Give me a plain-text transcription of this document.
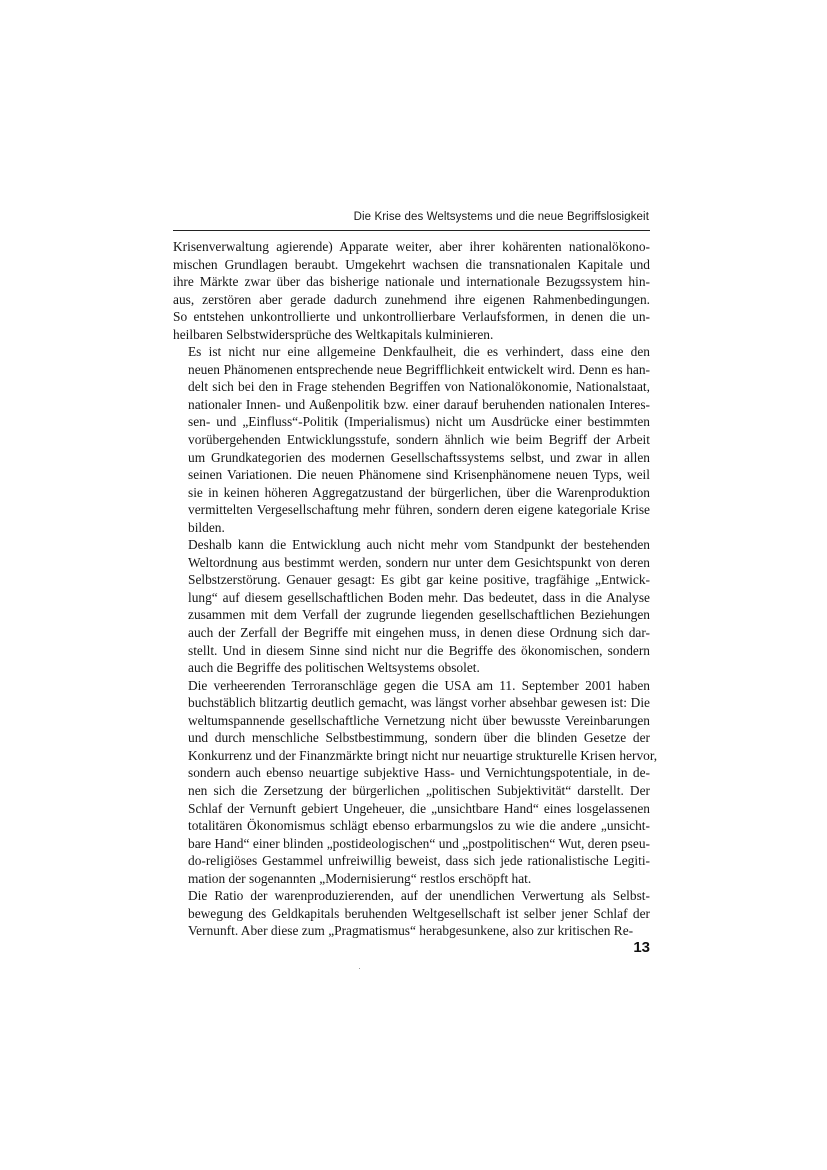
Die Krise des Weltsystems und die neue Begriffslosigkeit

Krisenverwaltung agierende) Apparate weiter, aber ihrer kohärenten nationalökono-
mischen Grundlagen beraubt. Umgekehrt wachsen die transnationalen Kapitale und
ihre Märkte zwar über das bisherige nationale und internationale Bezugssystem hin-
aus, zerstören aber gerade dadurch zunehmend ihre eigenen Rahmenbedingungen.
So entstehen unkontrollierte und unkontrollierbare Verlaufsformen, in denen die un-
heilbaren Selbstwidersprüche des Weltkapitals kulminieren.

Es ist nicht nur eine allgemeine Denkfaulheit, die es verhindert, dass eine den
neuen Phänomenen entsprechende neue Begrifflichkeit entwickelt wird. Denn es han-
delt sich bei den in Frage stehenden Begriffen von Nationalökonomie, Nationalstaat,
nationaler Innen- und Außenpolitik bzw. einer darauf beruhenden nationalen Interes-
sen- und „Einfluss“-Politik (Imperialismus) nicht um Ausdrücke einer bestimmten
vorübergehenden Entwicklungsstufe, sondern ähnlich wie beim Begriff der Arbeit
um Grundkategorien des modernen Gesellschaftssystems selbst, und zwar in allen
seinen Variationen. Die neuen Phänomene sind Krisenphänomene neuen Typs, weil
sie in keinen höheren Aggregatzustand der bürgerlichen, über die Warenproduktion
vermittelten Vergesellschaftung mehr führen, sondern deren eigene kategoriale Krise
bilden.

Deshalb kann die Entwicklung auch nicht mehr vom Standpunkt der bestehenden
Weltordnung aus bestimmt werden, sondern nur unter dem Gesichtspunkt von deren
Selbstzerstörung. Genauer gesagt: Es gibt gar keine positive, tragfähige „Entwick-
lung“ auf diesem gesellschaftlichen Boden mehr. Das bedeutet, dass in die Analyse
zusammen mit dem Verfall der zugrunde liegenden gesellschaftlichen Beziehungen
auch der Zerfall der Begriffe mit eingehen muss, in denen diese Ordnung sich dar-
stellt. Und in diesem Sinne sind nicht nur die Begriffe des ökonomischen, sondern
auch die Begriffe des politischen Weltsystems obsolet.

Die verheerenden Terroranschläge gegen die USA am 11. September 2001 haben
buchstäblich blitzartig deutlich gemacht, was längst vorher absehbar gewesen ist: Die
weltumspannende gesellschaftliche Vernetzung nicht über bewusste Vereinbarungen
und durch menschliche Selbstbestimmung, sondern über die blinden Gesetze der
Konkurrenz und der Finanzmärkte bringt nicht nur neuartige strukturelle Krisen hervor,
sondern auch ebenso neuartige subjektive Hass- und Vernichtungspotentiale, in de-
nen sich die Zersetzung der bürgerlichen „politischen Subjektivität“ darstellt. Der
Schlaf der Vernunft gebiert Ungeheuer, die „unsichtbare Hand“ eines losgelassenen
totalitären Ökonomismus schlägt ebenso erbarmungslos zu wie die andere „unsicht-
bare Hand“ einer blinden „postideologischen“ und „postpolitischen“ Wut, deren pseu-
do-religiöses Gestammel unfreiwillig beweist, dass sich jede rationalistische Legiti-
mation der sogenannten „Modernisierung“ restlos erschöpft hat.

Die Ratio der warenproduzierenden, auf der unendlichen Verwertung als Selbst-
bewegung des Geldkapitals beruhenden Weltgesellschaft ist selber jener Schlaf der
Vernunft. Aber diese zum „Pragmatismus“ herabgesunkene, also zur kritischen Re-

13
